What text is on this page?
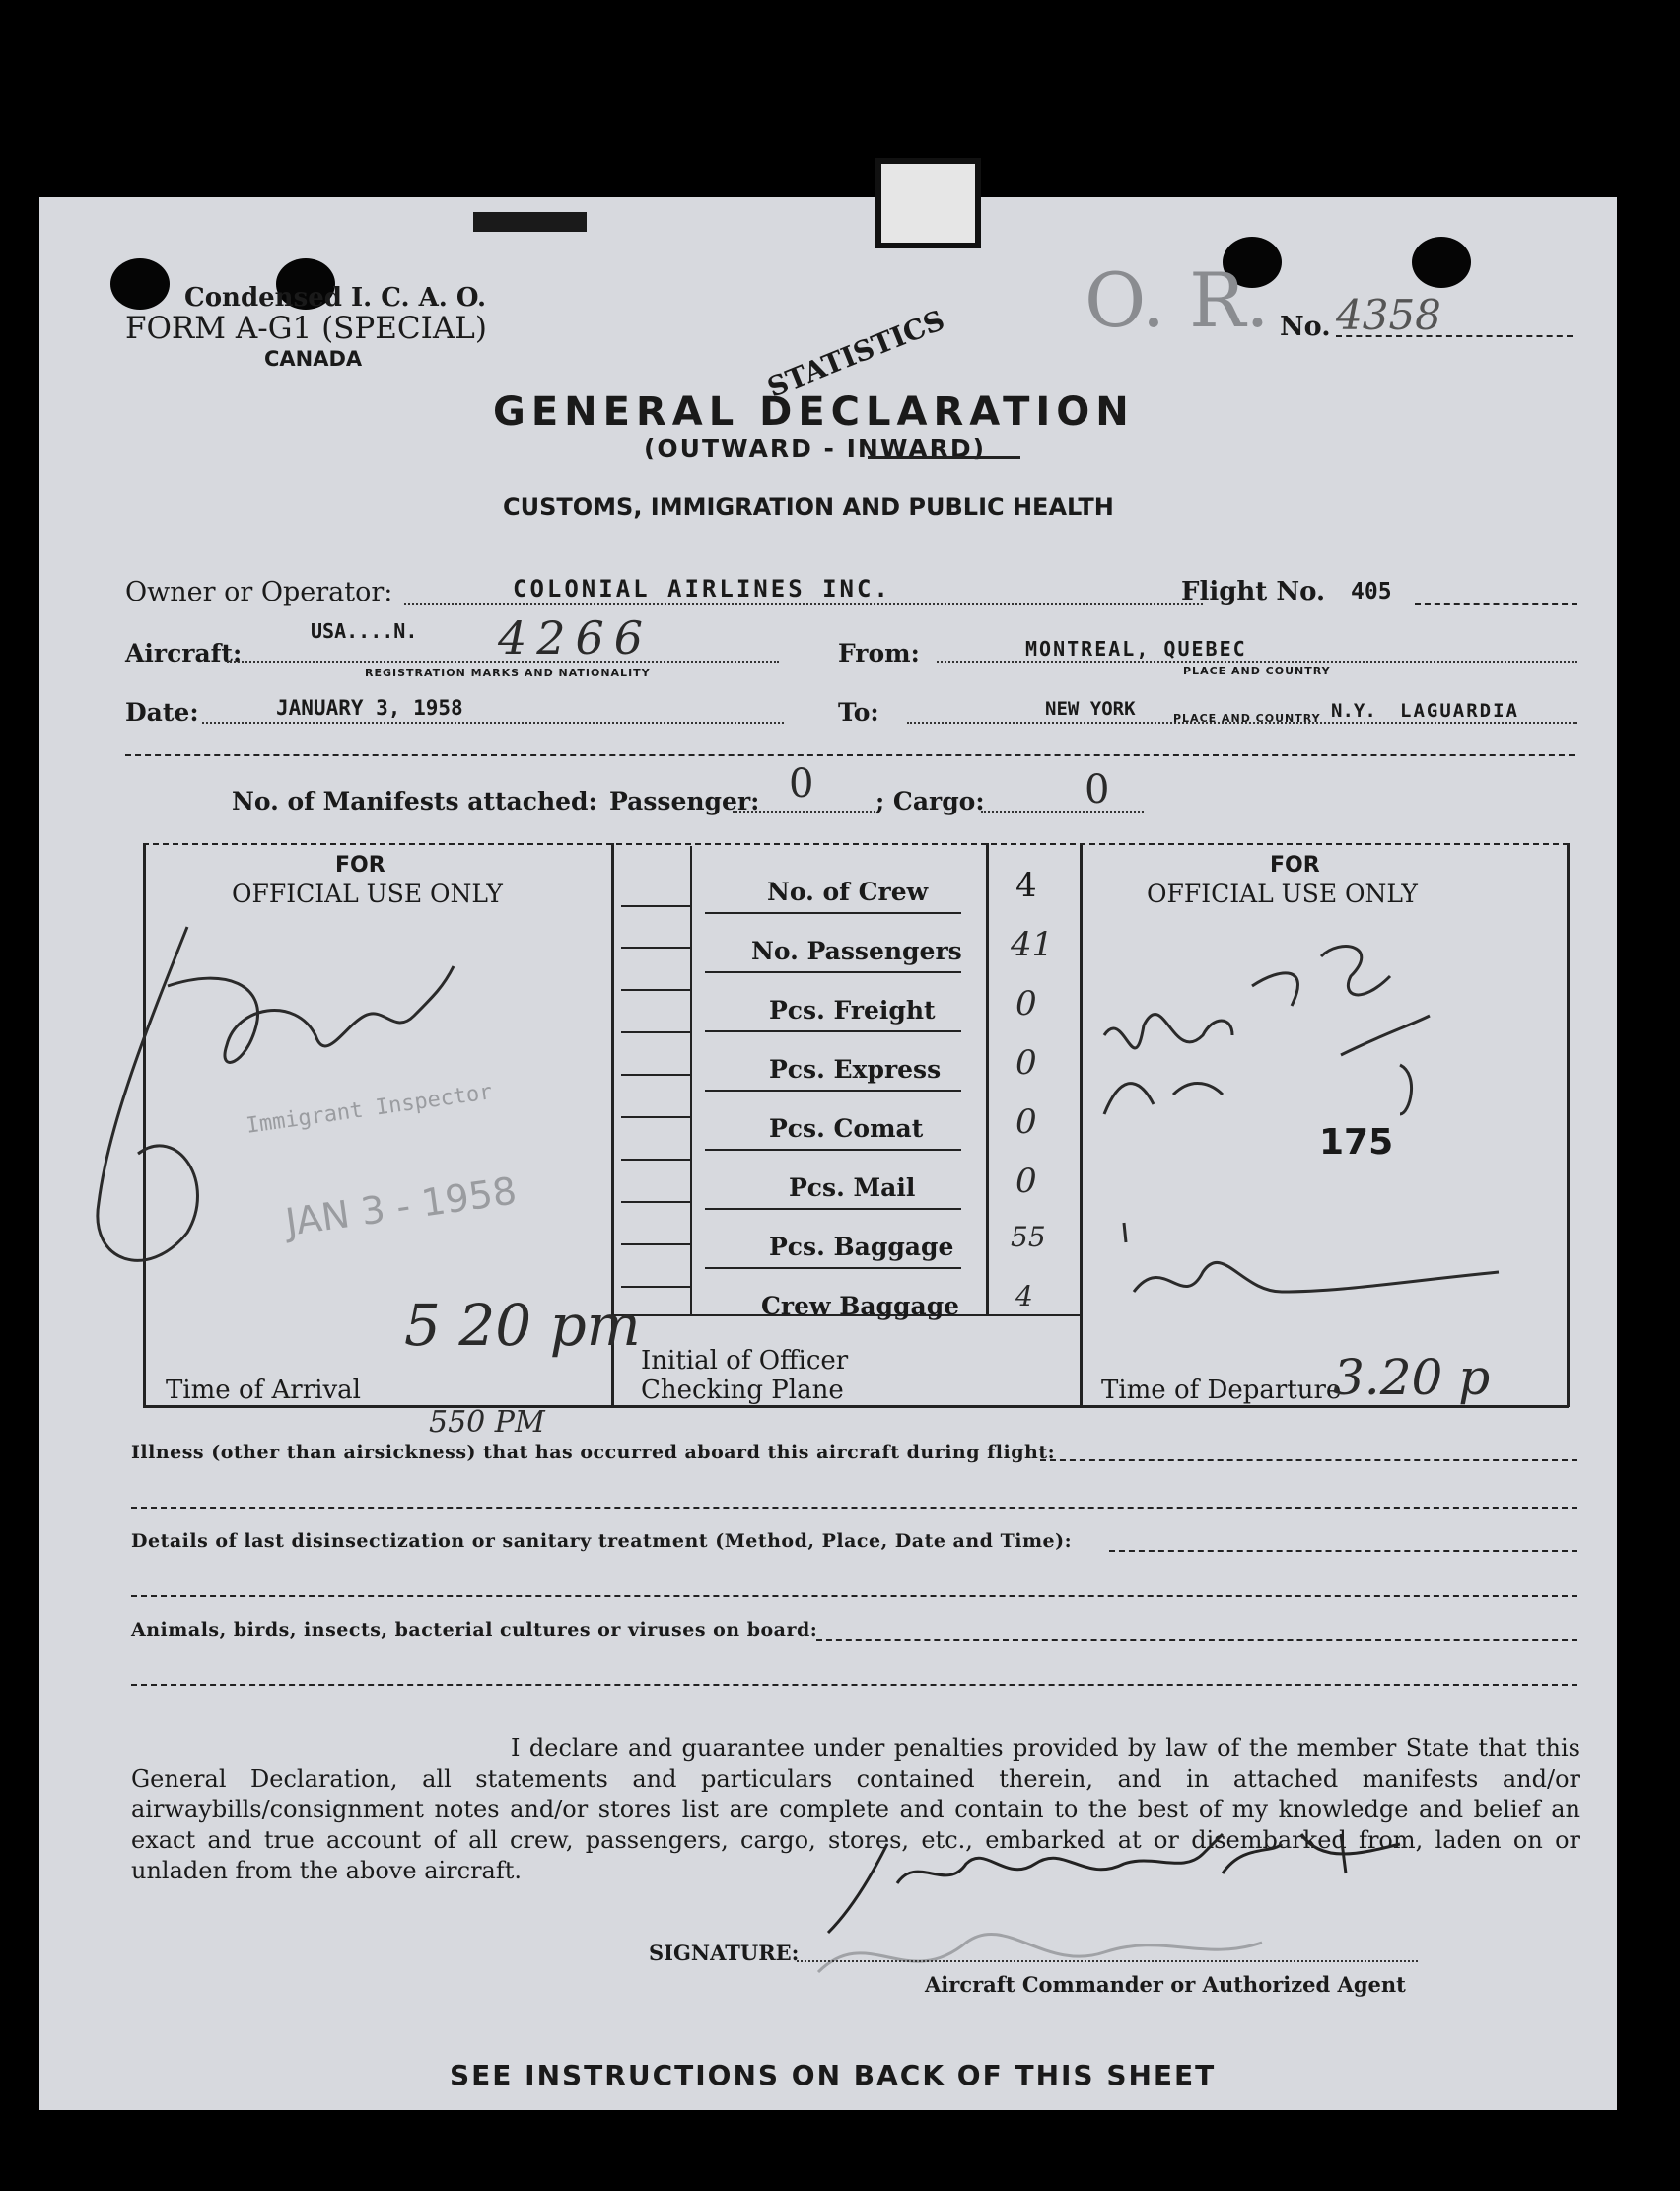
Condensed I. C. A. O.
FORM A-G1 (SPECIAL)
CANADA
O. R. No. 4358
GENERAL DECLARATION
STATISTICS
(OUTWARD - INWARD)
CUSTOMS, IMMIGRATION AND PUBLIC HEALTH
Owner or Operator:	COLONIAL AIRLINES INC.	Flight No. 405
Aircraft:
USA....N. 4266
REGISTRATION MARKS AND NATIONALITY
From:	MONTREAL, QUEBEC
PLACE AND COUNTRY
Date:	JANUARY 3, 1958	To:	NEW YORK	PLACE AND COUNTRY N.Y. LAGUARDIA
No. of Manifests attached: Passenger: 0	; Cargo:	0
FOR
OFFICIAL USE ONLY
FOR
OFFICIAL USE ONLY
No. of Crew	4
No. Passengers 41
Pcs. Freight 0
Pcs. Express 0
Pcs. Comat	0
Pcs. Mail	0
Pcs. Baggage 55
Crew Baggage 4
Immigrant Inspector
JAN 3 - 1958
Time of Arrival
5 20 pm
550 PM
Initial of Officer
Checking Plane
175
Time of Departure
3.20 p
Illness (other than airsickness) that has occurred aboard this aircraft during flight:
Details of last disinsectization or sanitary treatment (Method, Place, Date and Time):
Animals, birds, insects, bacterial cultures or viruses on board:
I declare and guarantee under penalties provided by law of the member State that this General Declaration, all statements and particulars contained therein, and in attached manifests and/or airwaybills/consignment notes and/or stores list are complete and contain to the best of my knowledge and belief an exact and true account of all crew, passengers, cargo, stores, etc., embarked at or disembarked from, laden on or unladen from the above aircraft.
SIGNATURE:
Aircraft Commander or Authorized Agent
SEE INSTRUCTIONS ON BACK OF THIS SHEET
